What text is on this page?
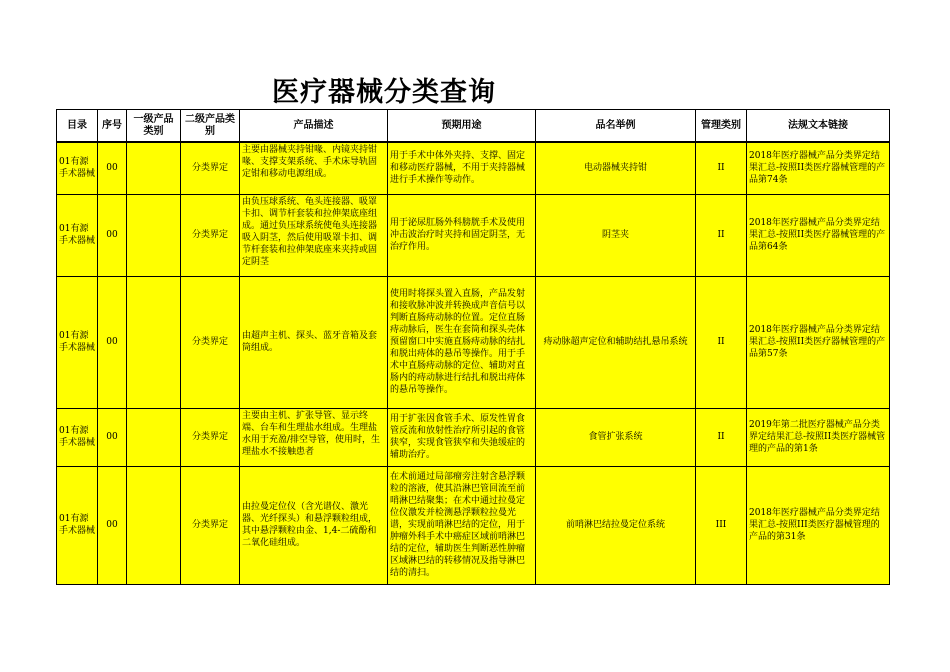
医疗器械分类查询
目录	序号	一级产品类别	二级产品类别	产品描述	预期用途	品名举例	管理类别	法规文本链接
01有源手术器械	00		分类界定	主要由器械夹持钳喙、内镜夹持钳喙、支撑支架系统、手术床导轨固定钳和移动电源组成。	用于手术中体外夹持、支撑、固定和移动医疗器械，不用于夹持器械进行手术操作等动作。	电动器械夹持钳	II	2018年医疗器械产品分类界定结果汇总-按照II类医疗器械管理的产品第74条
01有源手术器械	00		分类界定	由负压球系统、龟头连接器、吸罩卡扣、调节杆套装和拉伸架底座组成。通过负压球系统使龟头连接器吸入阴茎，然后使用吸罩卡扣、调节杆套装和拉伸架底座来夹持或固定阴茎	用于泌尿肛肠外科膀胱手术及使用冲击波治疗时夹持和固定阴茎，无治疗作用。	阴茎夹	II	2018年医疗器械产品分类界定结果汇总-按照II类医疗器械管理的产品第64条
01有源手术器械	00		分类界定	由超声主机、探头、蓝牙音箱及套筒组成。	使用时将探头置入直肠，产品发射和接收脉冲波并转换成声音信号以判断直肠痔动脉的位置。定位直肠痔动脉后，医生在套筒和探头壳体预留窗口中实施直肠痔动脉的结扎和脱出痔体的悬吊等操作。用于手术中直肠痔动脉的定位、辅助对直肠内的痔动脉进行结扎和脱出痔体的悬吊等操作。	痔动脉超声定位和辅助结扎悬吊系统	II	2018年医疗器械产品分类界定结果汇总-按照II类医疗器械管理的产品第57条
01有源手术器械	00		分类界定	主要由主机、扩张导管、显示终端、台车和生理盐水组成。生理盐水用于充盈/排空导管，使用时，生理盐水不接触患者	用于扩张因食管手术、原发性胃食管反流和放射性治疗所引起的食管狭窄，实现食管狭窄和失弛缓症的辅助治疗。	食管扩张系统	II	2019年第二批医疗器械产品分类界定结果汇总-按照II类医疗器械管理的产品的第1条
01有源手术器械	00		分类界定	由拉曼定位仪（含光谱仪、激光器、光纤探头）和悬浮颗粒组成，其中悬浮颗粒由金、1,4-二硫酚和二氧化硅组成。	在术前通过局部瘤旁注射含悬浮颗粒的溶液，使其沿淋巴管回流至前哨淋巴结聚集；在术中通过拉曼定位仪激发并检测悬浮颗粒拉曼光谱，实现前哨淋巴结的定位，用于肿瘤外科手术中癌症区域前哨淋巴结的定位，辅助医生判断恶性肿瘤区域淋巴结的转移情况及指导淋巴结的清扫。	前哨淋巴结拉曼定位系统	III	2018年医疗器械产品分类界定结果汇总-按照III类医疗器械管理的产品的第31条
